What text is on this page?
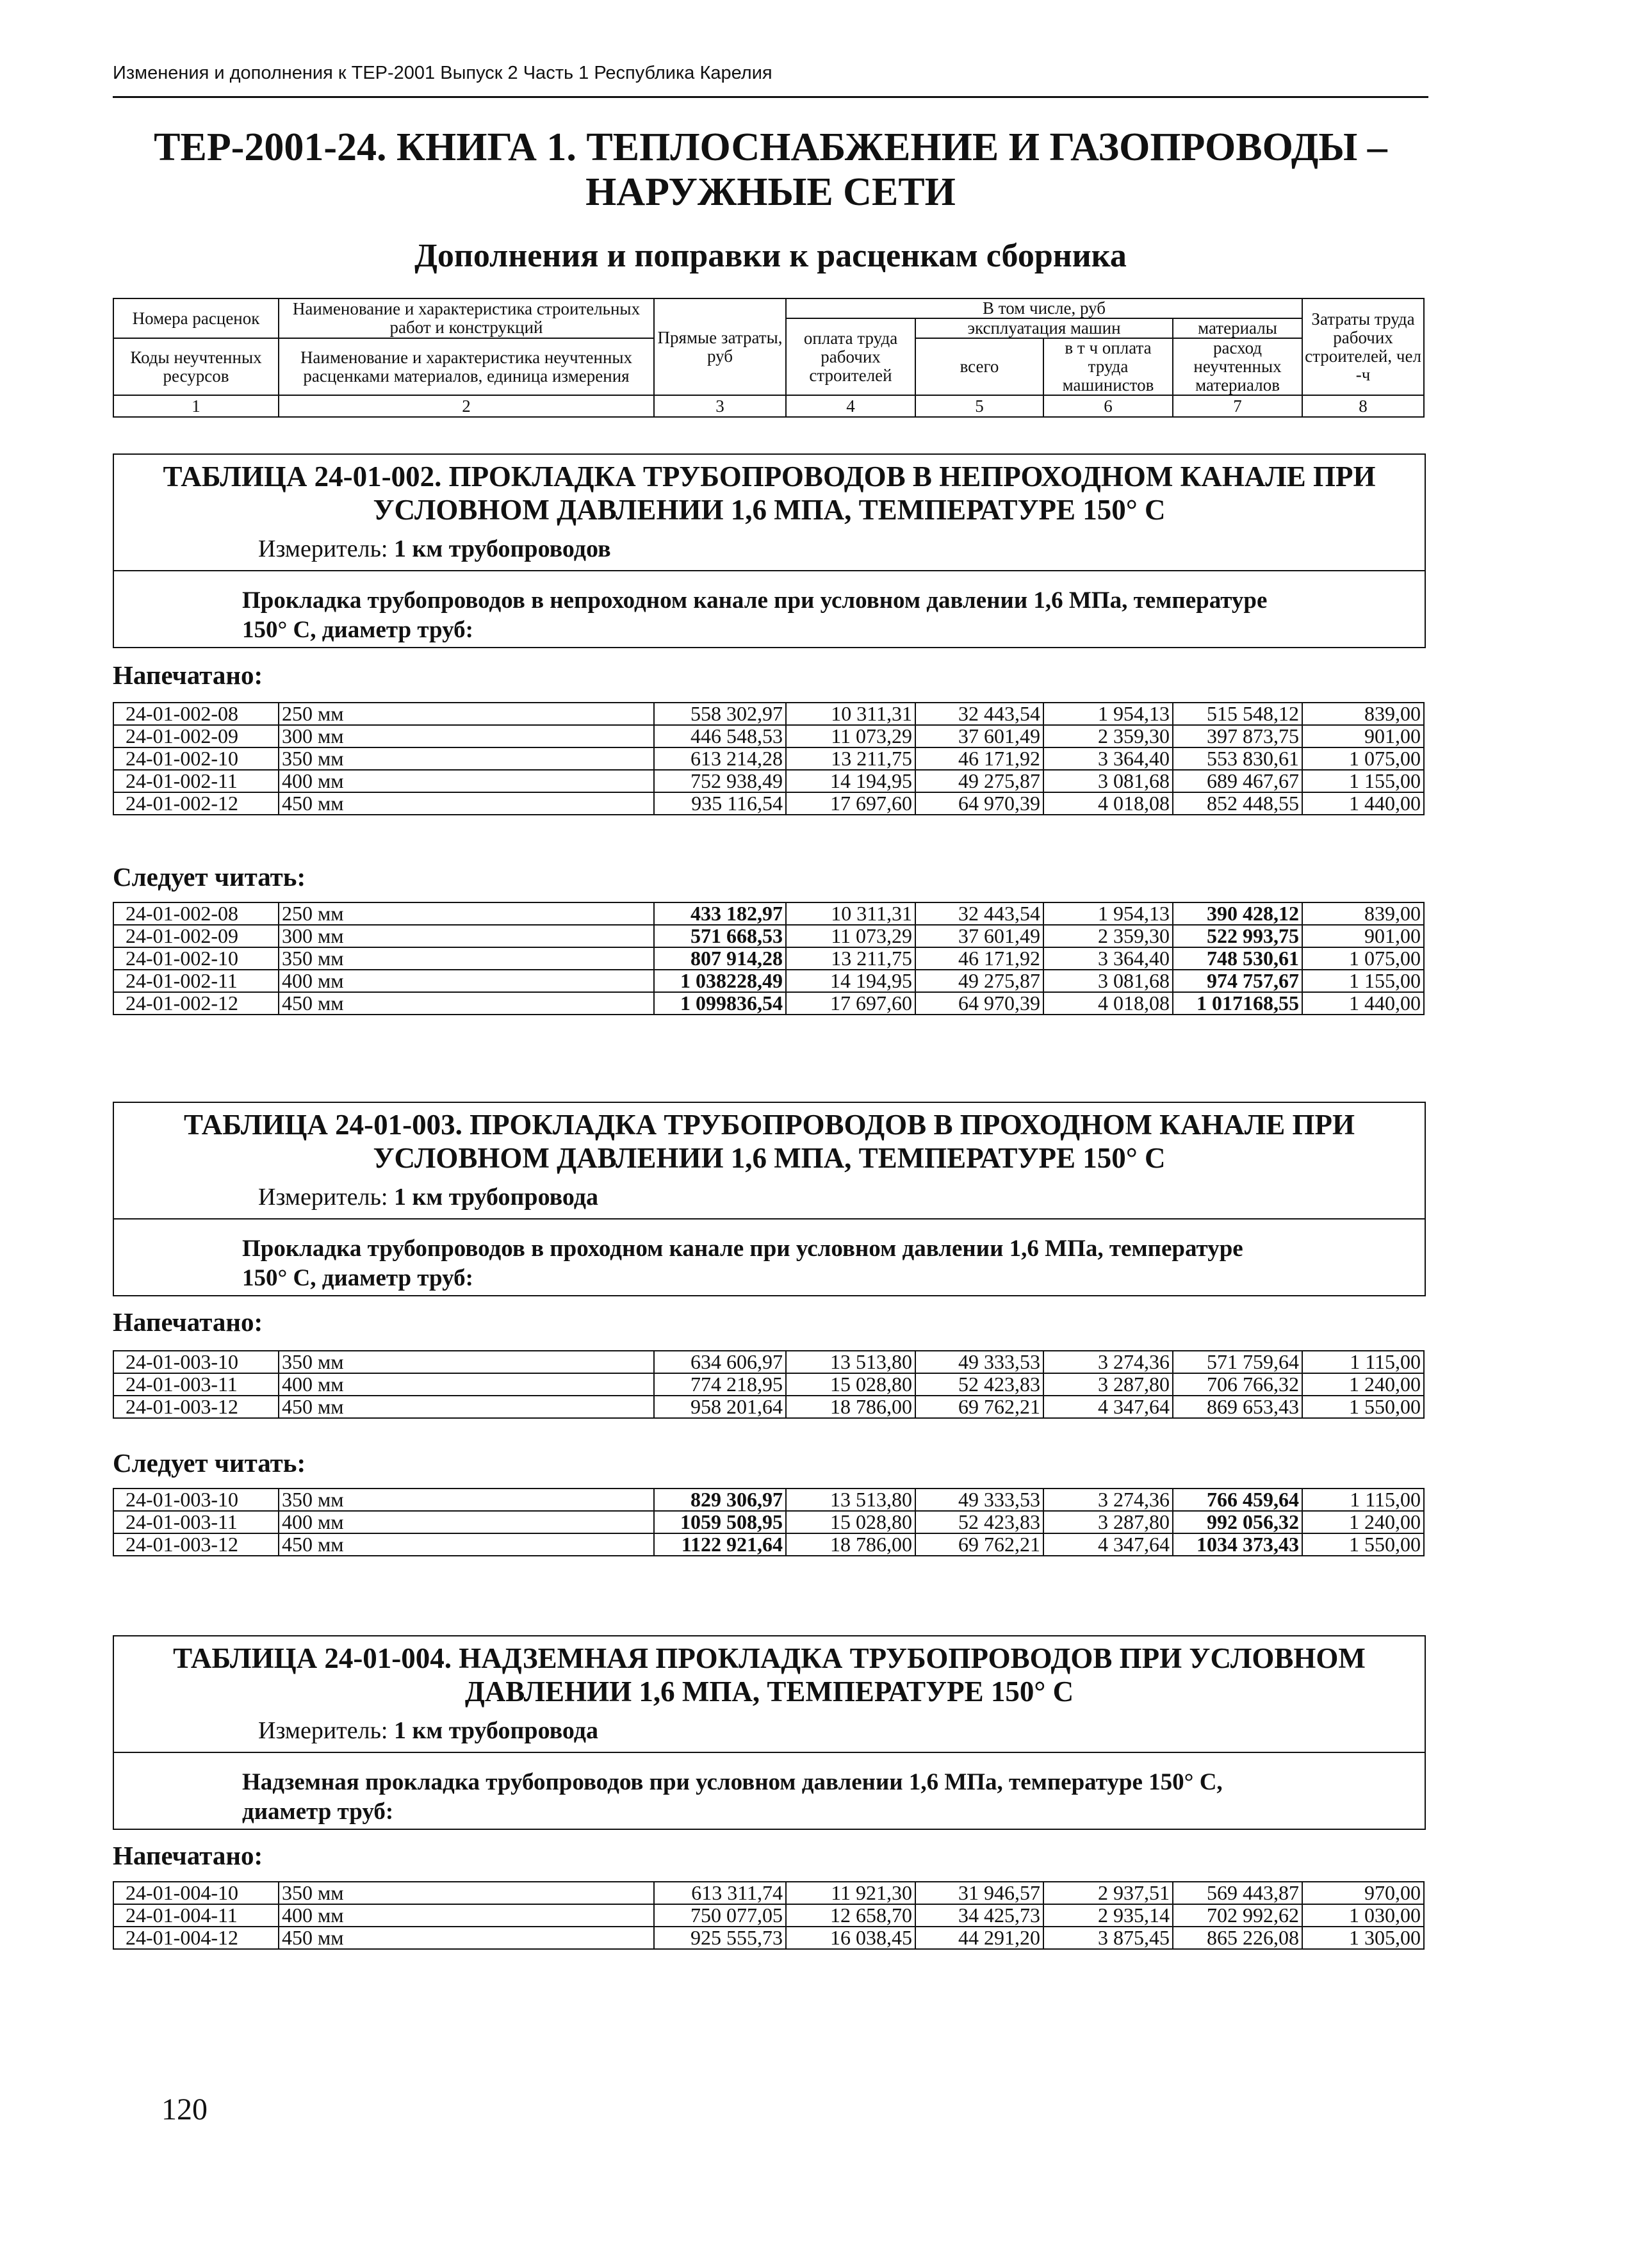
Изменения и дополнения к ТЕР-2001 Выпуск 2 Часть 1 Республика Карелия
ТЕР-2001-24. КНИГА 1. ТЕПЛОСНАБЖЕНИЕ И ГАЗОПРОВОДЫ –
НАРУЖНЫЕ СЕТИ
Дополнения и поправки к расценкам сборника
Номера расценок	Наименование и характеристика строительных работ и конструкций	Прямые затраты, руб	В том числе, руб				Затраты труда рабочих строителей, чел -ч
			оплата труда рабочих строителей	эксплуатация машин		материалы	
Коды неучтенных ресурсов	Наименование и характеристика неучтенных расценками материалов, единица измерения			всего	в т ч оплата труда машинистов	расход неучтенных материалов	

1	2	3	4	5	6	7	8
ТАБЛИЦА 24-01-002. ПРОКЛАДКА ТРУБОПРОВОДОВ В НЕПРОХОДНОМ КАНАЛЕ ПРИ
УСЛОВНОМ ДАВЛЕНИИ 1,6 МПА, ТЕМПЕРАТУРЕ 150° С
Измеритель: 1 км трубопроводов
Прокладка трубопроводов в непроходном канале при условном давлении 1,6 МПа, температуре
150° С, диаметр труб:
Напечатано:
24-01-002-08	250 мм	558 302,97	10 311,31	32 443,54	1 954,13	515 548,12	839,00
24-01-002-09	300 мм	446 548,53	11 073,29	37 601,49	2 359,30	397 873,75	901,00
24-01-002-10	350 мм	613 214,28	13 211,75	46 171,92	3 364,40	553 830,61	1 075,00
24-01-002-11	400 мм	752 938,49	14 194,95	49 275,87	3 081,68	689 467,67	1 155,00
24-01-002-12	450 мм	935 116,54	17 697,60	64 970,39	4 018,08	852 448,55	1 440,00
Следует читать:
24-01-002-08	250 мм	433 182,97	10 311,31	32 443,54	1 954,13	390 428,12	839,00
24-01-002-09	300 мм	571 668,53	11 073,29	37 601,49	2 359,30	522 993,75	901,00
24-01-002-10	350 мм	807 914,28	13 211,75	46 171,92	3 364,40	748 530,61	1 075,00
24-01-002-11	400 мм	1 038228,49	14 194,95	49 275,87	3 081,68	974 757,67	1 155,00
24-01-002-12	450 мм	1 099836,54	17 697,60	64 970,39	4 018,08	1 017168,55	1 440,00
ТАБЛИЦА 24-01-003. ПРОКЛАДКА ТРУБОПРОВОДОВ В ПРОХОДНОМ КАНАЛЕ ПРИ
УСЛОВНОМ ДАВЛЕНИИ 1,6 МПА, ТЕМПЕРАТУРЕ 150° С
Измеритель: 1 км трубопровода
Прокладка трубопроводов в проходном канале при условном давлении 1,6 МПа, температуре
150° С, диаметр труб:
Напечатано:
24-01-003-10	350 мм	634 606,97	13 513,80	49 333,53	3 274,36	571 759,64	1 115,00
24-01-003-11	400 мм	774 218,95	15 028,80	52 423,83	3 287,80	706 766,32	1 240,00
24-01-003-12	450 мм	958 201,64	18 786,00	69 762,21	4 347,64	869 653,43	1 550,00
Следует читать:
24-01-003-10	350 мм	829 306,97	13 513,80	49 333,53	3 274,36	766 459,64	1 115,00
24-01-003-11	400 мм	1059 508,95	15 028,80	52 423,83	3 287,80	992 056,32	1 240,00
24-01-003-12	450 мм	1122 921,64	18 786,00	69 762,21	4 347,64	1034 373,43	1 550,00
ТАБЛИЦА 24-01-004. НАДЗЕМНАЯ ПРОКЛАДКА ТРУБОПРОВОДОВ ПРИ УСЛОВНОМ
ДАВЛЕНИИ 1,6 МПА, ТЕМПЕРАТУРЕ 150° С
Измеритель: 1 км трубопровода
Надземная прокладка трубопроводов при условном давлении 1,6 МПа, температуре 150° С,
диаметр труб:
Напечатано:
24-01-004-10	350 мм	613 311,74	11 921,30	31 946,57	2 937,51	569 443,87	970,00
24-01-004-11	400 мм	750 077,05	12 658,70	34 425,73	2 935,14	702 992,62	1 030,00
24-01-004-12	450 мм	925 555,73	16 038,45	44 291,20	3 875,45	865 226,08	1 305,00
120
